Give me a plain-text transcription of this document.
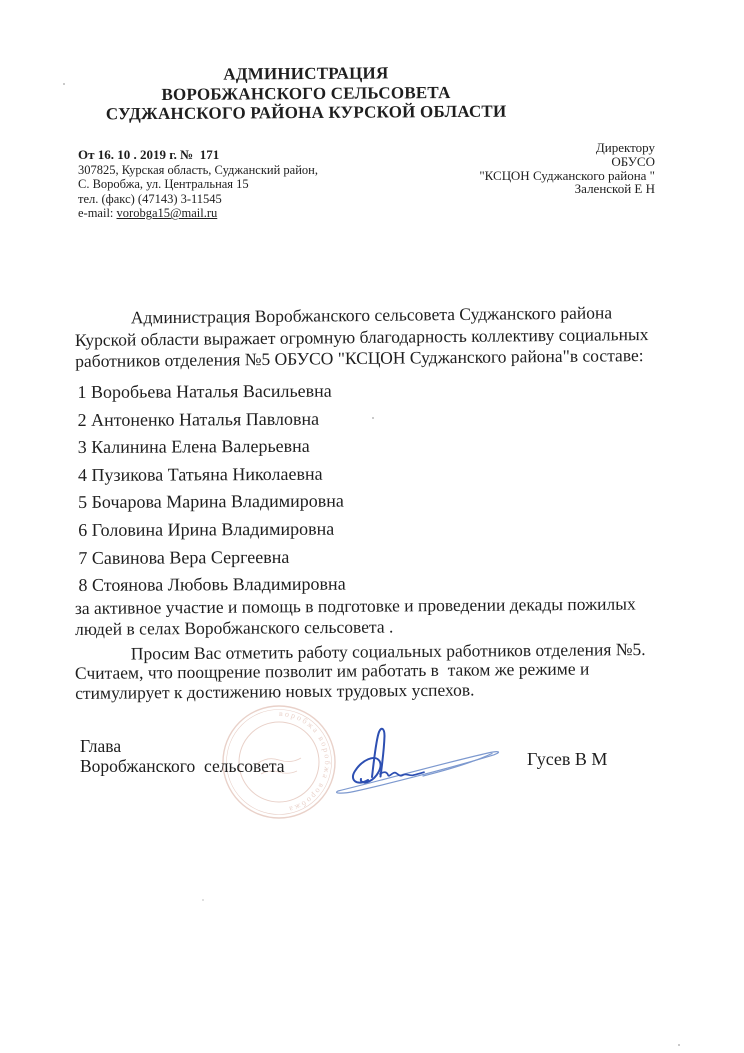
АДМИНИСТРАЦИЯ
ВОРОБЖАНСКОГО СЕЛЬСОВЕТА
СУДЖАНСКОГО РАЙОНА КУРСКОЙ ОБЛАСТИ
От 16. 10 . 2019 г. №  171
307825, Курская область, Суджанский район,
С. Воробжа, ул. Центральная 15
тел. (факс) (47143) 3-11545
e-mail: vorobga15@mail.ru
Директору
ОБУСО
"КСЦОН Суджанского района "
Заленской Е Н
Администрация Воробжанского сельсовета Суджанского района
Курской области выражает огромную благодарность коллективу социальных
работников отделения №5 ОБУСО "КСЦОН Суджанского района"в составе:
1 Воробьева Наталья Васильевна
2 Антоненко Наталья Павловна
3 Калинина Елена Валерьевна
4 Пузикова Татьяна Николаевна
5 Бочарова Марина Владимировна
6 Головина Ирина Владимировна
7 Савинова Вера Сергеевна
8 Стоянова Любовь Владимировна
за активное участие и помощь в подготовке и проведении декады пожилых
людей в селах Воробжанского сельсовета .
Просим Вас отметить работу социальных работников отделения №5.
Считаем, что поощрение позволит им работать в  таком же режиме и
стимулирует к достижению новых трудовых успехов.
воробжа воробжа воробжа
Глава
Воробжанского  сельсовета	Гусев В М
